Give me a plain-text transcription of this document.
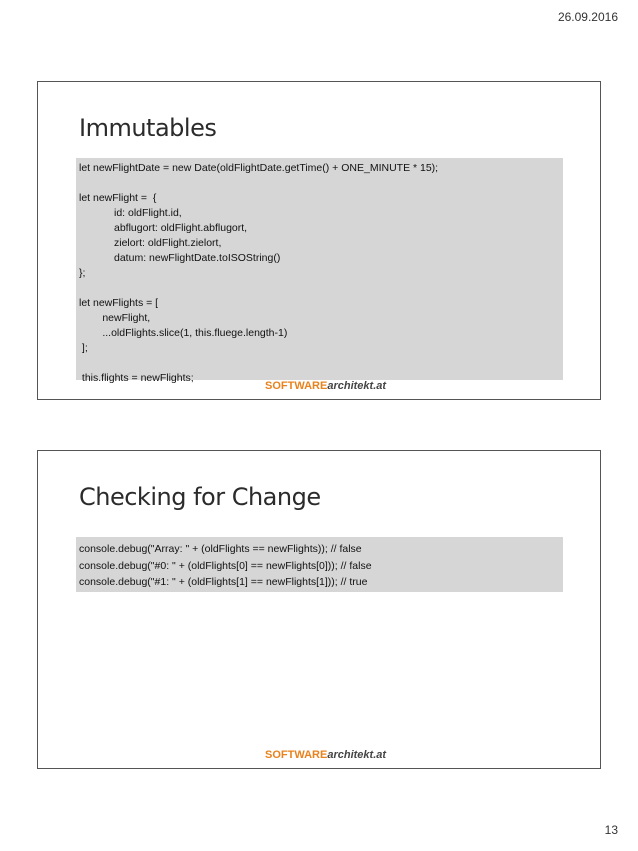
26.09.2016
Immutables
let newFlightDate = new Date(oldFlightDate.getTime() + ONE_MINUTE * 15);
let newFlight =  {
id: oldFlight.id,
abflugort: oldFlight.abflugort,
zielort: oldFlight.zielort,
datum: newFlightDate.toISOString()
};
let newFlights = [
newFlight,
...oldFlights.slice(1, this.fluege.length-1)
];
this.flights = newFlights;
SOFTWAREarchitekt.at
Checking for Change
console.debug("Array: " + (oldFlights == newFlights)); // false
console.debug("#0: " + (oldFlights[0] == newFlights[0])); // false
console.debug("#1: " + (oldFlights[1] == newFlights[1])); // true
SOFTWAREarchitekt.at
13
